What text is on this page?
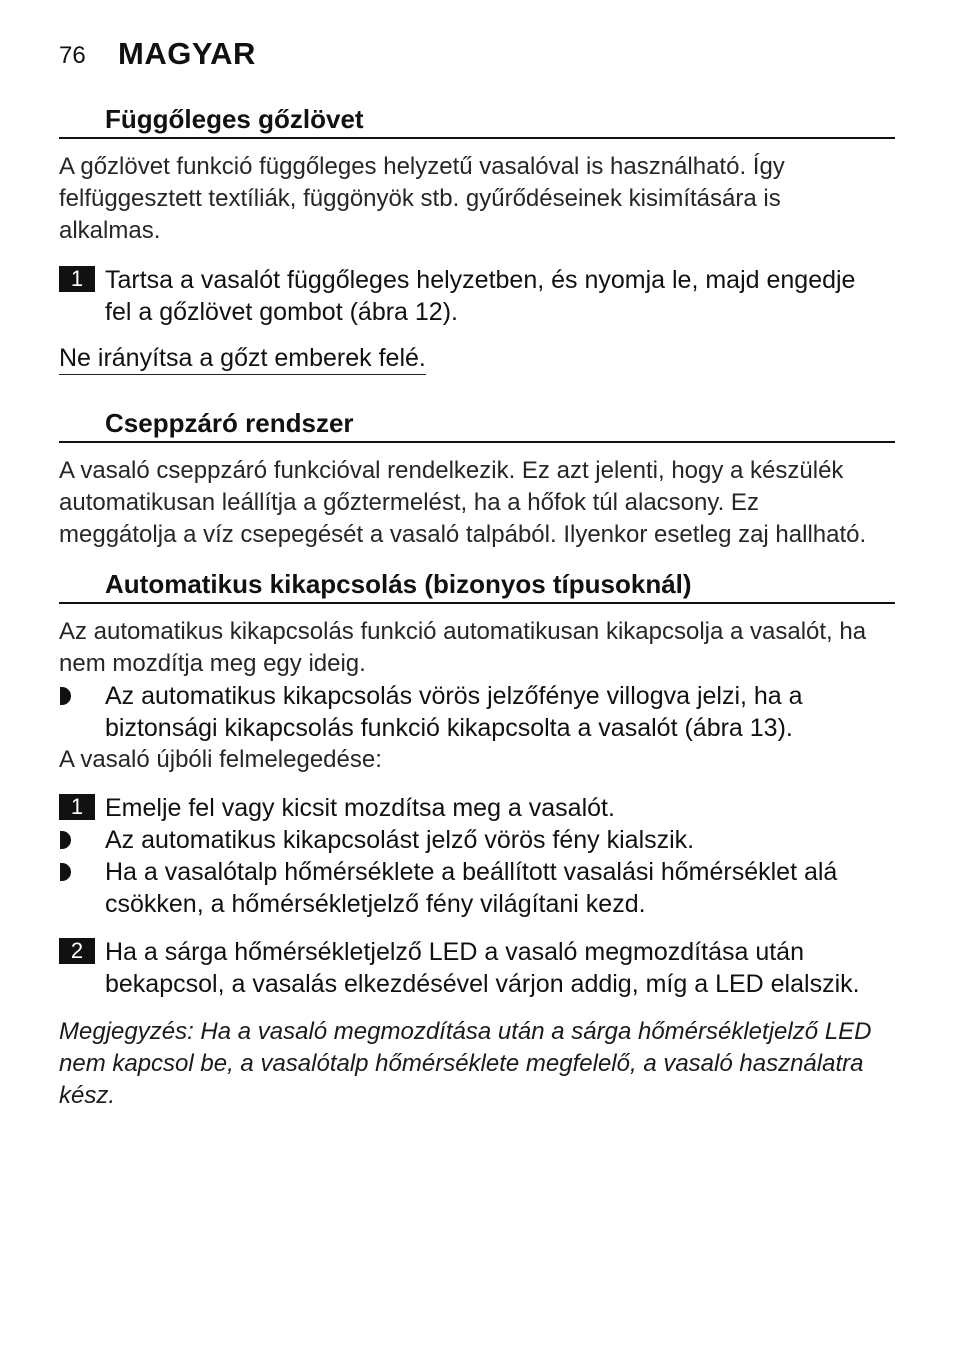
76 MAGYAR
Függőleges gőzlövet
A gőzlövet funkció függőleges helyzetű vasalóval is használható. Így
felfüggesztett textíliák, függönyök stb. gyűrődéseinek kisimítására is
alkalmas.
1 Tartsa a vasalót függőleges helyzetben, és nyomja le, majd engedje
fel a gőzlövet gombot (ábra 12).
Ne irányítsa a gőzt emberek felé.
Cseppzáró rendszer
A vasaló cseppzáró funkcióval rendelkezik. Ez azt jelenti, hogy a készülék
automatikusan leállítja a gőztermelést, ha a hőfok túl alacsony. Ez
meggátolja a víz csepegését a vasaló talpából. Ilyenkor esetleg zaj hallható.
Automatikus kikapcsolás (bizonyos típusoknál)
Az automatikus kikapcsolás funkció automatikusan kikapcsolja a vasalót, ha
nem mozdítja meg egy ideig.
Az automatikus kikapcsolás vörös jelzőfénye villogva jelzi, ha a
biztonsági kikapcsolás funkció kikapcsolta a vasalót (ábra 13).
A vasaló újbóli felmelegedése:
1 Emelje fel vagy kicsit mozdítsa meg a vasalót.
Az automatikus kikapcsolást jelző vörös fény kialszik.
Ha a vasalótalp hőmérséklete a beállított vasalási hőmérséklet alá
csökken, a hőmérsékletjelző fény világítani kezd.
2 Ha a sárga hőmérsékletjelző LED a vasaló megmozdítása után
bekapcsol, a vasalás elkezdésével várjon addig, míg a LED elalszik.
Megjegyzés: Ha a vasaló megmozdítása után a sárga hőmérsékletjelző LED
nem kapcsol be, a vasalótalp hőmérséklete megfelelő, a vasaló használatra
kész.
